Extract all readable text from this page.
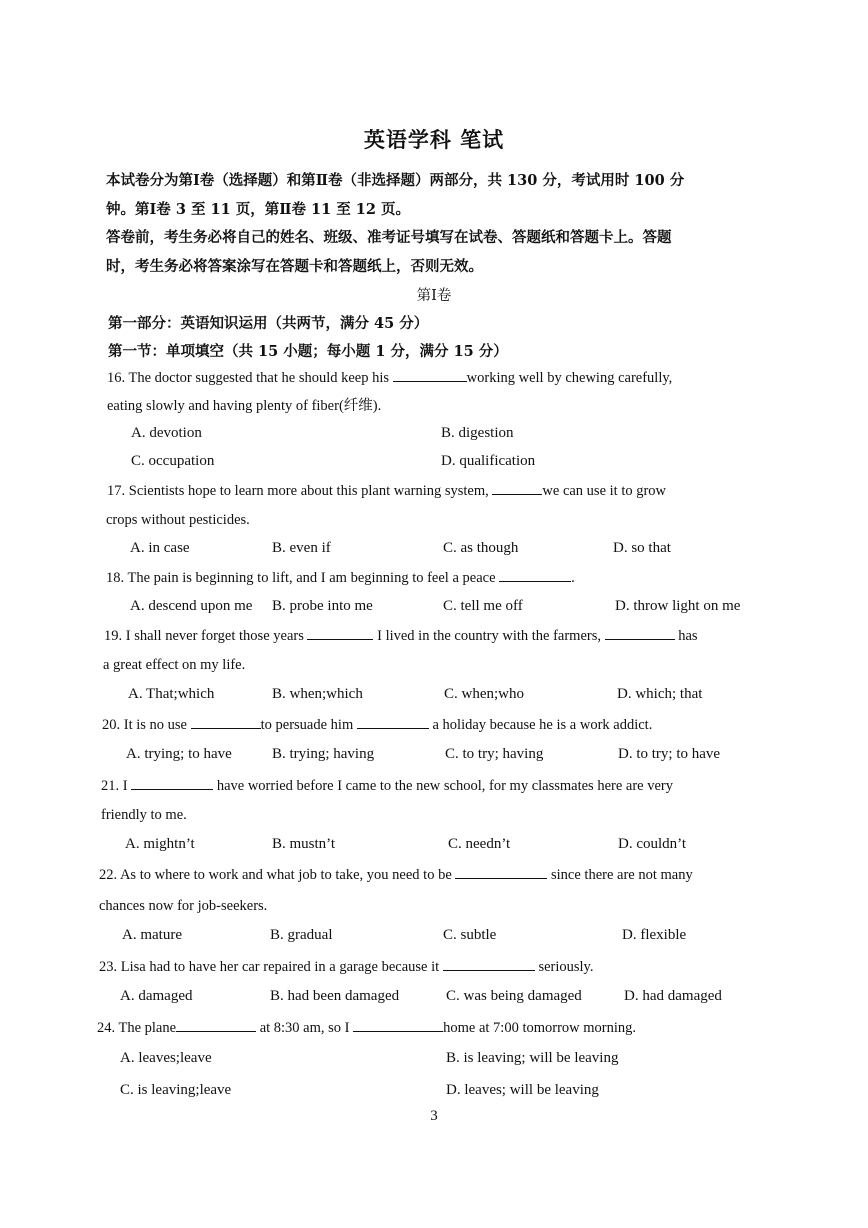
英语学科 笔试
本试卷分为第Ⅰ卷（选择题）和第Ⅱ卷（非选择题）两部分，共 130 分，考试用时 100 分
钟。第Ⅰ卷 3 至 11 页，第Ⅱ卷 11 至 12 页。
答卷前，考生务必将自己的姓名、班级、准考证号填写在试卷、答题纸和答题卡上。答题
时，考生务必将答案涂写在答题卡和答题纸上，否则无效。
第Ⅰ卷
第一部分：英语知识运用（共两节，满分 45 分）
第一节：单项填空（共 15 小题；每小题 1 分，满分 15 分）
16. The doctor suggested that he should keep his	working well by chewing carefully,
eating slowly and having plenty of fiber(纤维).
A. devotion	B. digestion
C. occupation	D. qualification
17. Scientists hope to learn more about this plant warning system,	we can use it to grow
crops without pesticides.
A. in case	B. even if	C. as though	D. so that
18. The pain is beginning to lift, and I am beginning to feel a peace	.
A. descend upon me B. probe into me	C. tell me off	D. throw light on me
19. I shall never forget those years	I lived in the country with the farmers,	has
a great effect on my life.
A. That;which	B. when;which	C. when;who	D. which; that
20. It is no use	to persuade him	a holiday because he is a work addict.
A. trying; to have	B. trying; having	C. to try; having	D. to try; to have
21. I	have worried before I came to the new school, for my classmates here are very
friendly to me.
A. mightn’t	B. mustn’t	C. needn’t	D. couldn’t
22. As to where to work and what job to take, you need to be	since there are not many
chances now for job-seekers.
A. mature	B. gradual	C. subtle	D. flexible
23. Lisa had to have her car repaired in a garage because it	seriously.
A. damaged	B. had been damaged	C. was being damaged	D. had damaged
24. The plane	at 8:30 am, so I	home at 7:00 tomorrow morning.
A. leaves;leave	B. is leaving; will be leaving
C. is leaving;leave	D. leaves; will be leaving
3
